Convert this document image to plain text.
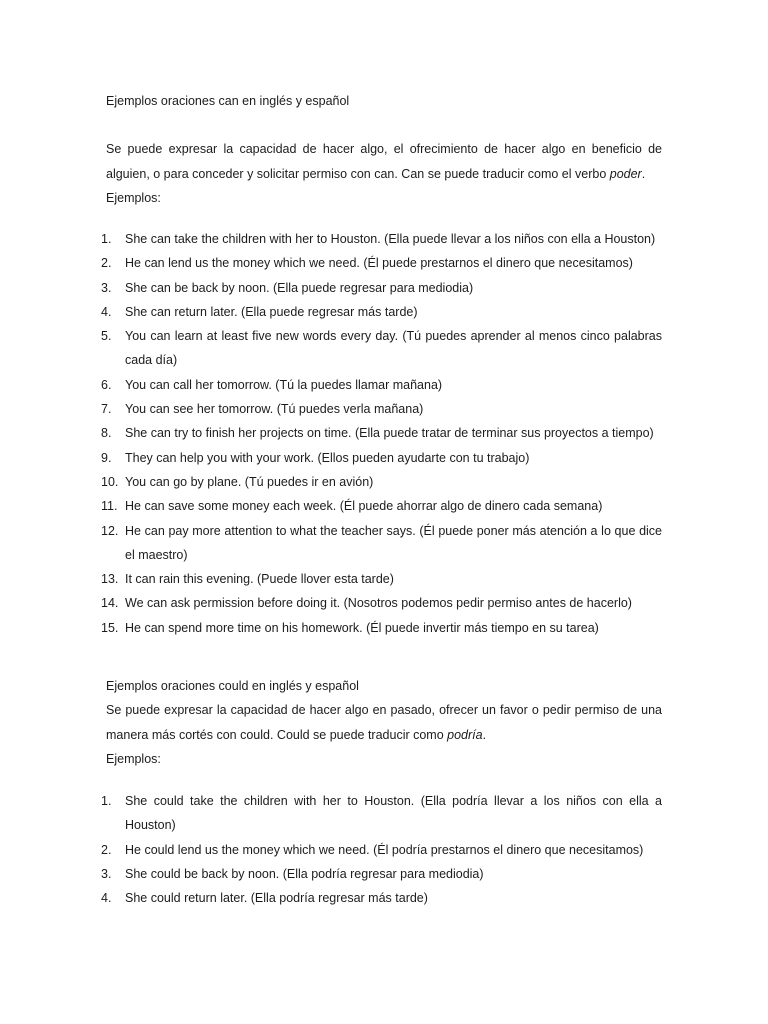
Ejemplos oraciones can en inglés y español

Se puede expresar la capacidad de hacer algo, el ofrecimiento de hacer algo en beneficio de alguien, o para conceder y solicitar permiso con can. Can se puede traducir como el verbo poder.

Ejemplos:

1.	She can take the children with her to Houston. (Ella puede llevar a los niños con ella a Houston)
2.	He can lend us the money which we need. (Él puede prestarnos el dinero que necesitamos)
3.	She can be back by noon. (Ella puede regresar para mediodia)
4.	She can return later. (Ella puede regresar más tarde)
5.	You can learn at least five new words every day. (Tú puedes aprender al menos cinco palabras cada día)
6.	You can call her tomorrow. (Tú la puedes llamar mañana)
7.	You can see her tomorrow. (Tú puedes verla mañana)
8.	She can try to finish her projects on time. (Ella puede tratar de terminar sus proyectos a tiempo)
9.	They can help you with your work. (Ellos pueden ayudarte con tu trabajo)
10. You can go by plane. (Tú puedes ir en avión)
11. He can save some money each week. (Él puede ahorrar algo de dinero cada semana)
12. He can pay more attention to what the teacher says. (Él puede poner más atención a lo que dice el maestro)
13. It can rain this evening. (Puede llover esta tarde)
14. We can ask permission before doing it. (Nosotros podemos pedir permiso antes de hacerlo)
15. He can spend more time on his homework. (Él puede invertir más tiempo en su tarea)
Ejemplos oraciones could en inglés y español

Se puede expresar la capacidad de hacer algo en pasado, ofrecer un favor o pedir permiso de una manera más cortés con could. Could se puede traducir como podría.

Ejemplos:

1.	She could take the children with her to Houston. (Ella podría llevar a los niños con ella a Houston)
2.	He could lend us the money which we need. (Él podría prestarnos el dinero que necesitamos)
3.	She could be back by noon. (Ella podría regresar para mediodia)
4.	She could return later. (Ella podría regresar más tarde)
